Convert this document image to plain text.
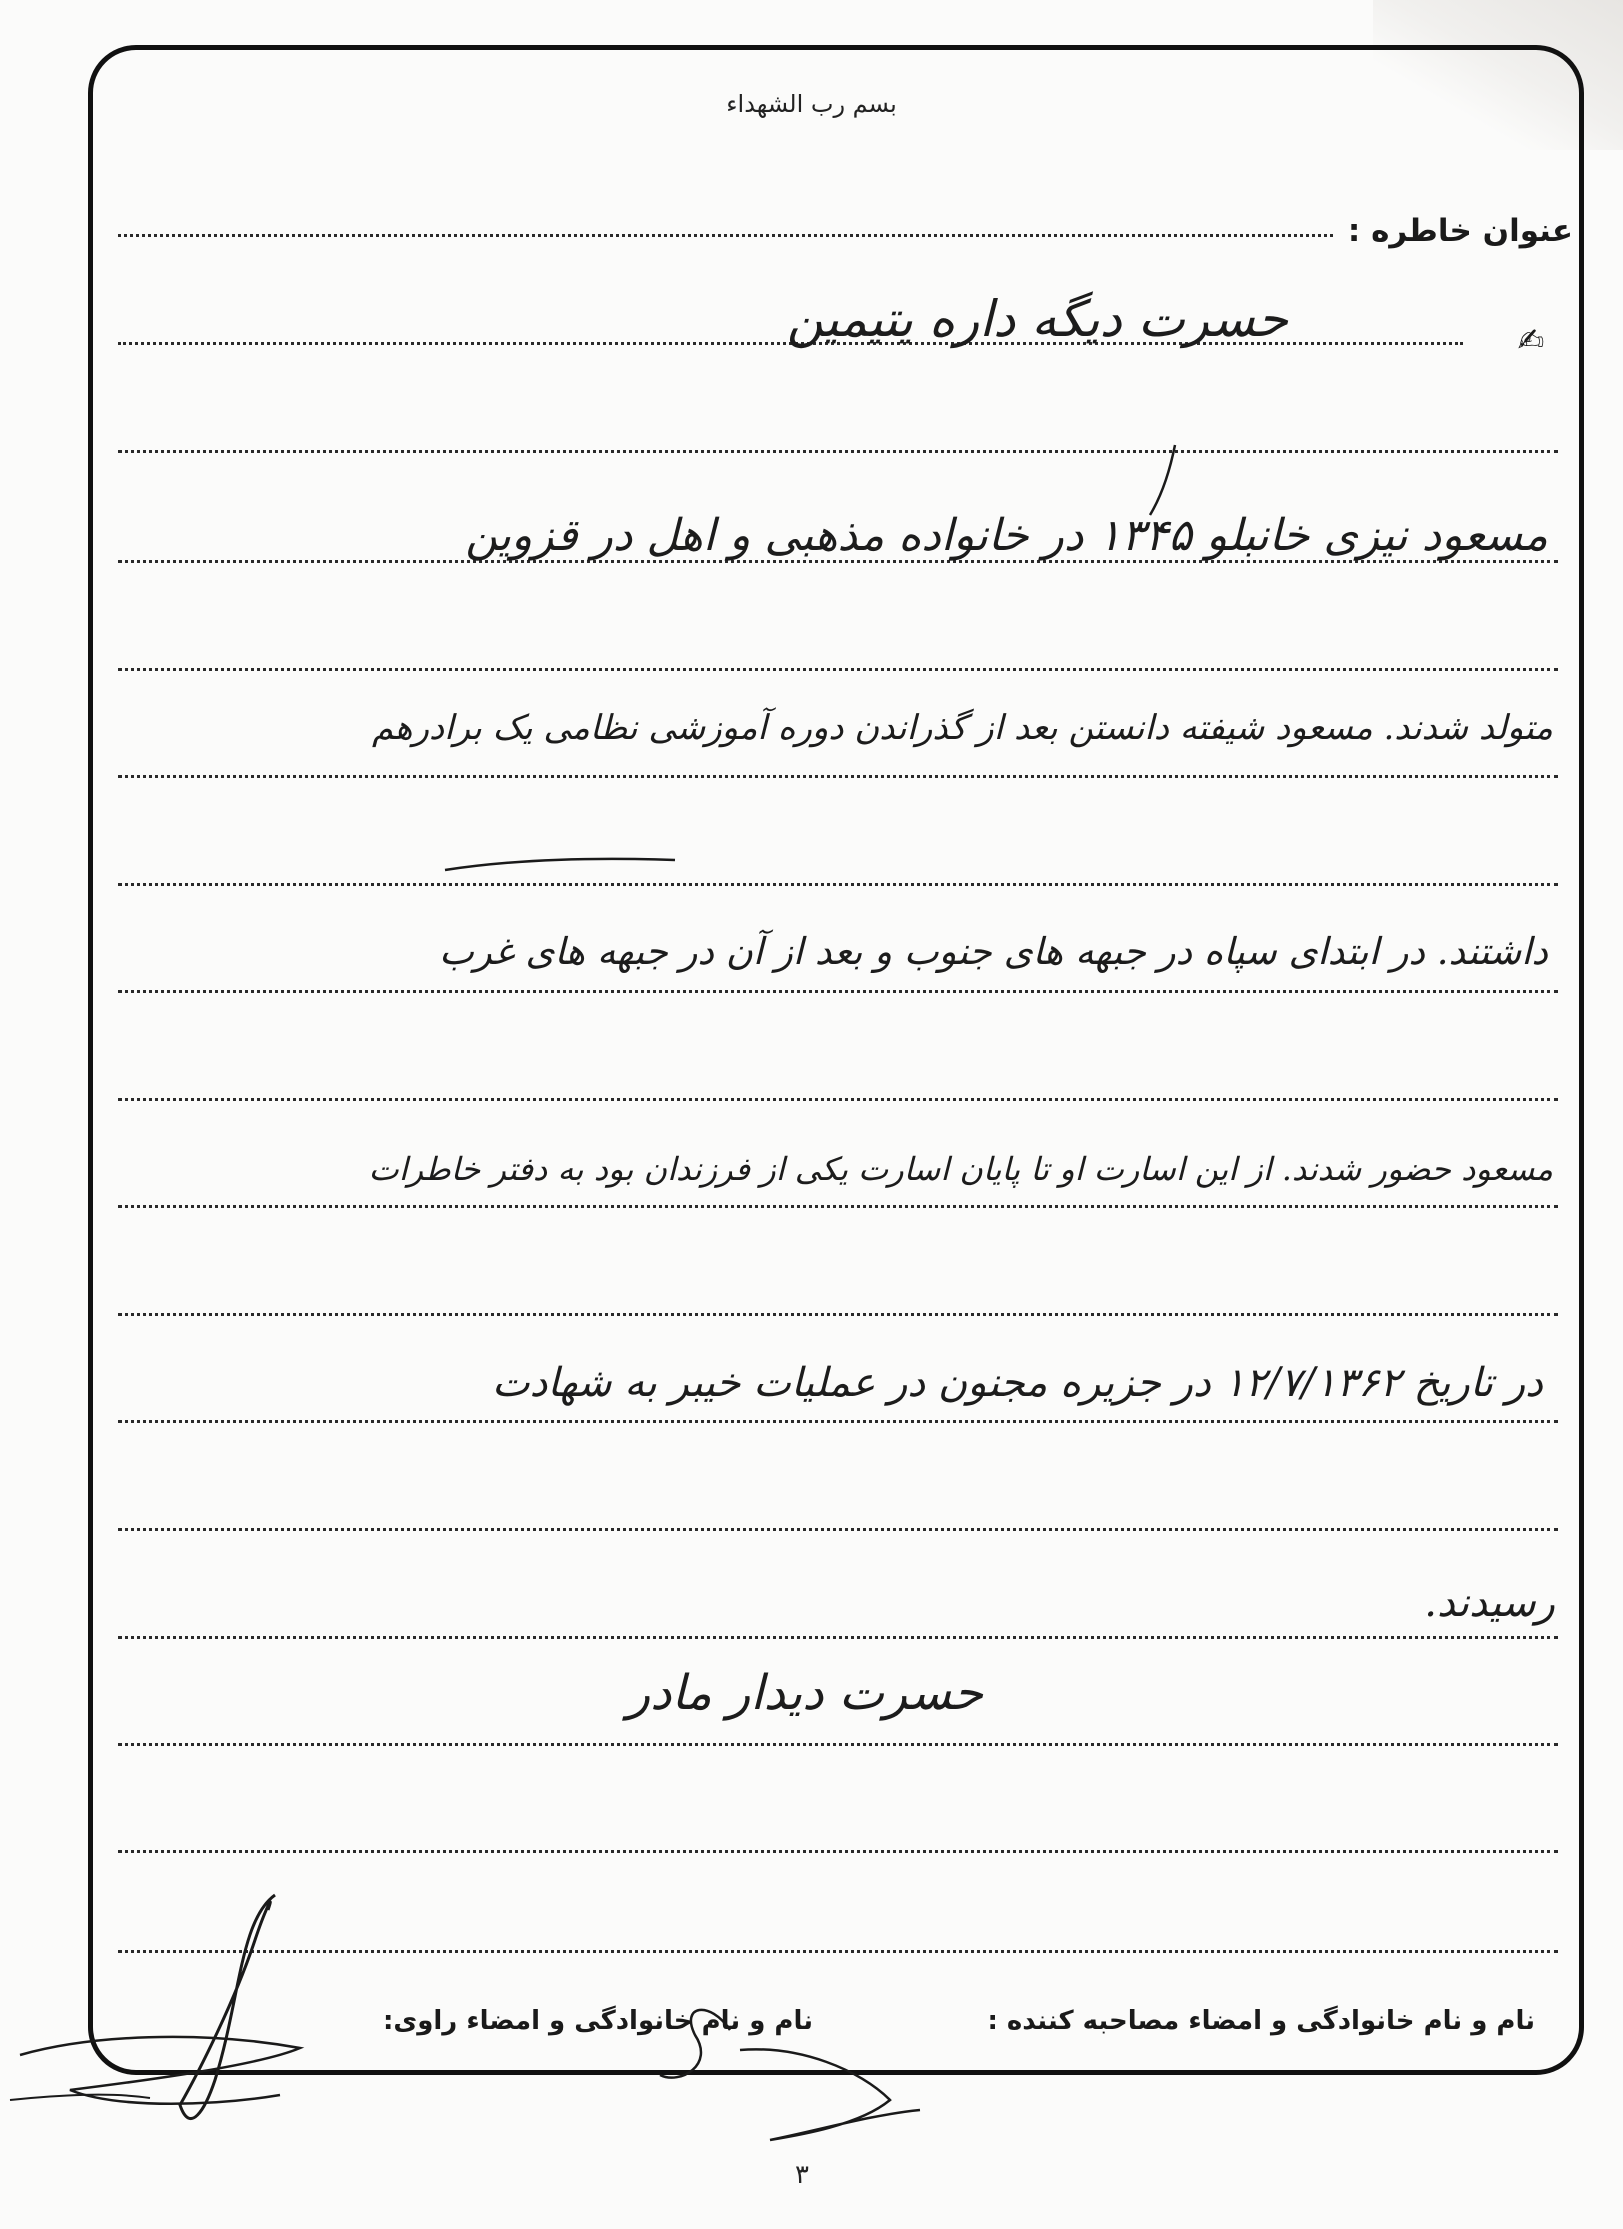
بسم رب الشهداء
عنوان خاطره :
✍
حسرت دیگه داره یتیمین
مسعود نیزی خانبلو ۱۳۴۵ در خانواده مذهبی و اهل در قزوین
متولد شدند. مسعود شیفته دانستن بعد از گذراندن دوره آموزشی نظامی یک برادرهم
داشتند. در ابتدای سپاه در جبهه های جنوب و بعد از آن در جبهه های غرب
مسعود حضور شدند. از این اسارت او تا پایان اسارت یکی از فرزندان بود به دفتر خاطرات
در تاریخ ۱۲/۷/۱۳۶۲ در جزیره مجنون در عملیات خیبر به شهادت
رسیدند.
حسرت دیدار مادر
نام و نام خانوادگی و امضاء مصاحبه کننده :
نام و نام خانوادگی و امضاء راوی:
۳
